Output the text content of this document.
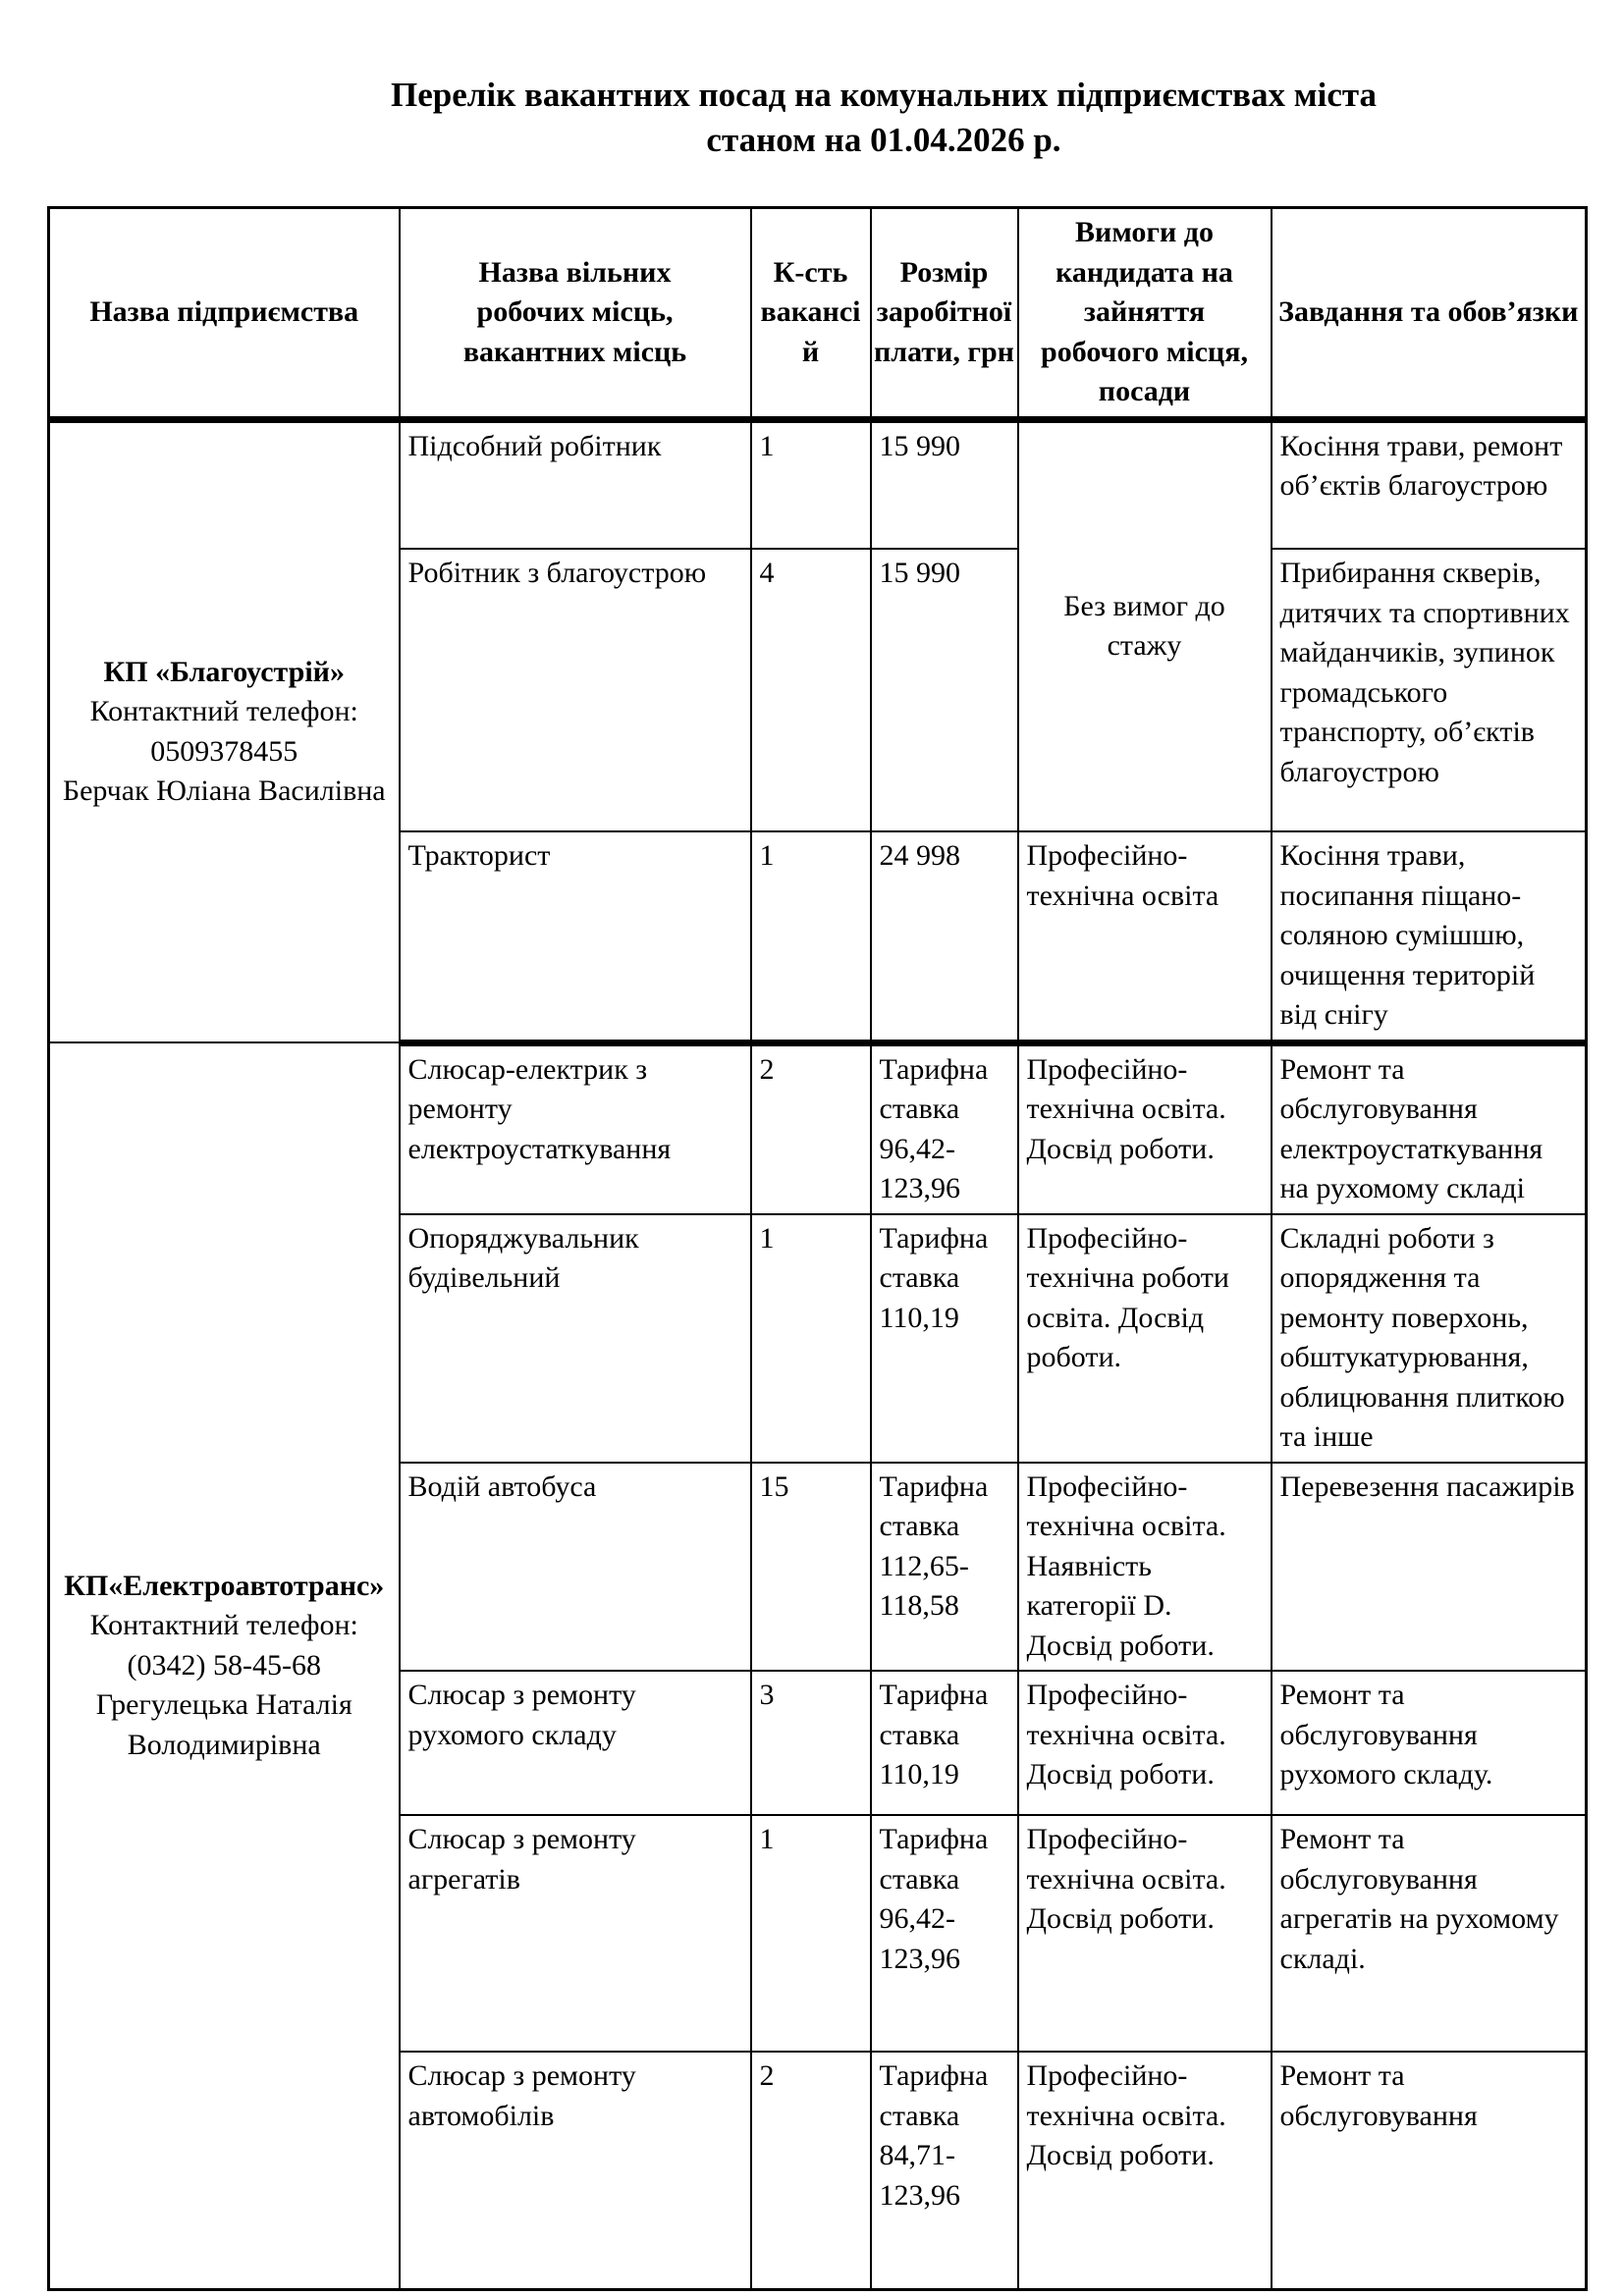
Перелік вакантних посад на комунальних підприємствах міста
станом на 01.04.2026 р.
Назва підприємства	Назва вільних робочих місць, вакантних місць	К-сть вакансій	Розмір заробітної плати, грн	Вимоги до кандидата на зайняття робочого місця, посади	Завдання та обов’язки

КП «Благоустрій»
Контактний телефон:
0509378455
Берчак Юліана Василівна	Підсобний робітник	1	15 990	Без вимог до стажу	Косіння трави, ремонт об’єктів благоустрою
	Робітник з благоустрою	4	15 990		Прибирання скверів, дитячих та спортивних майданчиків, зупинок громадського транспорту, об’єктів благоустрою
	Тракторист	1	24 998	Професійно-технічна освіта	Косіння трави, посипання піщано-соляною сумішшю, очищення територій від снігу

КП«Електроавтотранс»
Контактний телефон:
(0342) 58-45-68
Грегулецька Наталія Володимирівна	Слюсар-електрик з ремонту електроустаткування	2	Тарифна ставка 96,42-123,96	Професійно-технічна освіта. Досвід роботи.	Ремонт та обслуговування електроустаткування на рухомому складі
	Опоряджувальник будівельний	1	Тарифна ставка 110,19	Професійно-технічна роботи освіта. Досвід роботи.	Складні роботи з опорядження та ремонту поверхонь, обштукатурювання, облицювання плиткою та інше
	Водій автобуса	15	Тарифна ставка 112,65-118,58	Професійно-технічна освіта. Наявність категорії D. Досвід роботи.	Перевезення пасажирів
	Слюсар з ремонту рухомого складу	3	Тарифна ставка 110,19	Професійно-технічна освіта. Досвід роботи.	Ремонт та обслуговування рухомого складу.
	Слюсар з ремонту агрегатів	1	Тарифна ставка 96,42-123,96	Професійно-технічна освіта. Досвід роботи.	Ремонт та обслуговування агрегатів на рухомому складі.
	Слюсар з ремонту автомобілів	2	Тарифна ставка 84,71-123,96	Професійно-технічна освіта. Досвід роботи.	Ремонт та обслуговування
